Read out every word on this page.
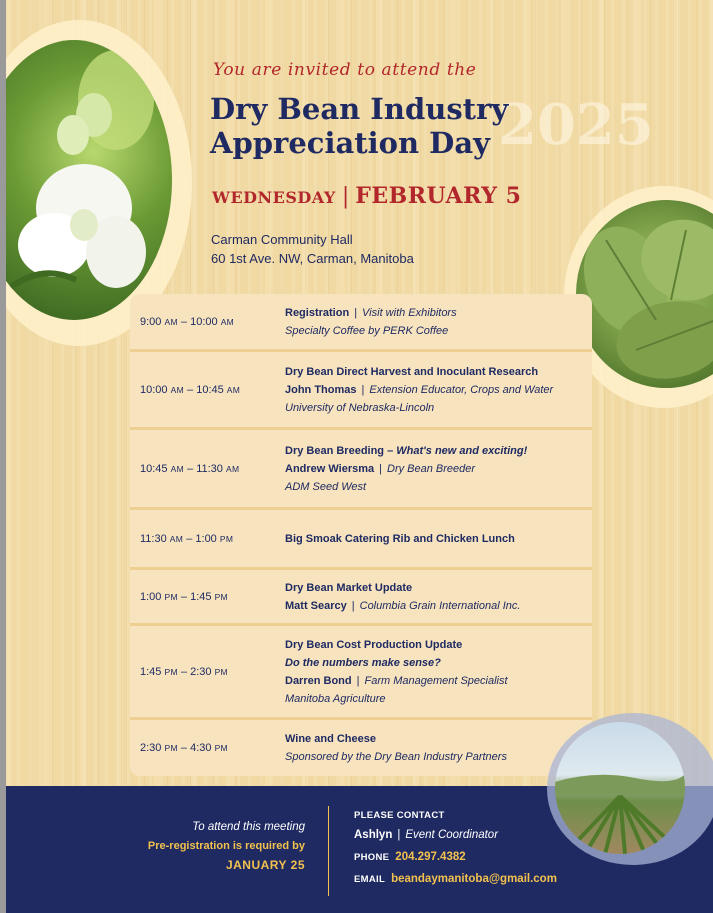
You are invited to attend the

2025
Dry Bean Industry
Appreciation Day
WEDNESDAY | FEBRUARY 5
Carman Community Hall
60 1st Ave. NW, Carman, Manitoba
9:00 AM – 10:00 AM
Registration | Visit with Exhibitors
Specialty Coffee by PERK Coffee
10:00 AM – 10:45 AM
Dry Bean Direct Harvest and Inoculant Research
John Thomas | Extension Educator, Crops and Water
University of Nebraska-Lincoln
10:45 AM – 11:30 AM
Dry Bean Breeding – What's new and exciting!
Andrew Wiersma | Dry Bean Breeder
ADM Seed West
11:30 AM – 1:00 PM	Big Smoak Catering Rib and Chicken Lunch
1:00 PM – 1:45 PM
Dry Bean Market Update
Matt Searcy | Columbia Grain International Inc.
1:45 PM – 2:30 PM
Dry Bean Cost Production Update
Do the numbers make sense?
Darren Bond | Farm Management Specialist
Manitoba Agriculture
2:30 PM – 4:30 PM
Wine and Cheese
Sponsored by the Dry Bean Industry Partners
To attend this meeting
Pre-registration is required by
JANUARY 25
PLEASE CONTACT
Ashlyn | Event Coordinator
PHONE 204.297.4382
EMAIL beandaymanitoba@gmail.com
